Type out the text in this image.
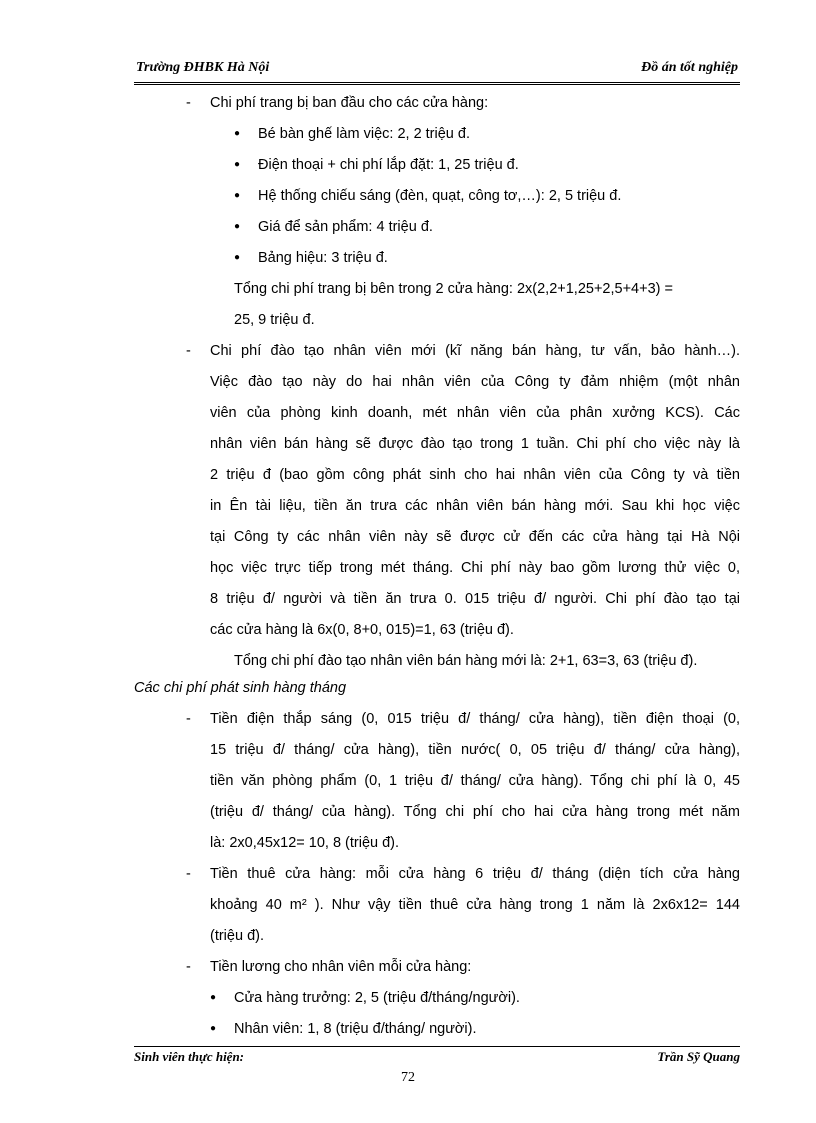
Trường ĐHBK Hà Nội	Đồ án tốt nghiệp
- Chi phí trang bị ban đầu cho các cửa hàng:
● Bé bàn ghế làm việc: 2, 2 triệu đ.
● Điện thoại + chi phí lắp đặt: 1, 25 triệu đ.
● Hệ thống chiếu sáng (đèn, quạt, công tơ,…): 2, 5 triệu đ.
● Giá để sản phẩm: 4 triệu đ.
● Bảng hiệu: 3 triệu đ.
Tổng chi phí trang bị bên trong 2 cửa hàng: 2x(2,2+1,25+2,5+4+3) =
25, 9 triệu đ.
- Chi phí đào tạo nhân viên mới (kĩ năng bán hàng, tư vấn, bảo hành…).
Việc đào tạo này do hai nhân viên của Công ty đảm nhiệm (một nhân
viên của phòng kinh doanh, mét nhân viên của phân xưởng KCS). Các
nhân viên bán hàng sẽ được đào tạo trong 1 tuần. Chi phí cho việc này là
2 triệu đ (bao gồm công phát sinh cho hai nhân viên của Công ty và tiền
in Ên tài liệu, tiền ăn trưa các nhân viên bán hàng mới. Sau khi học việc
tại Công ty các nhân viên này sẽ được cử đến các cửa hàng tại Hà Nội
học việc trực tiếp trong mét tháng. Chi phí này bao gồm lương thử việc 0,
8 triệu đ/ người và tiền ăn trưa 0. 015 triệu đ/ người. Chi phí đào tạo tại
các cửa hàng là 6x(0, 8+0, 015)=1, 63 (triệu đ).
Tổng chi phí đào tạo nhân viên bán hàng mới là: 2+1, 63=3, 63 (triệu đ).
Các chi phí phát sinh hàng tháng
- Tiền điện thắp sáng (0, 015 triệu đ/ tháng/ cửa hàng), tiền điện thoại (0,
15 triệu đ/ tháng/ cửa hàng), tiền nước( 0, 05 triệu đ/ tháng/ cửa hàng),
tiền văn phòng phẩm (0, 1 triệu đ/ tháng/ cửa hàng). Tổng chi phí là 0, 45
(triệu đ/ tháng/ của hàng). Tổng chi phí cho hai cửa hàng trong mét năm
là: 2x0,45x12= 10, 8 (triệu đ).
- Tiền thuê cửa hàng: mỗi cửa hàng 6 triệu đ/ tháng (diện tích cửa hàng
khoảng 40 m² ). Như vậy tiền thuê cửa hàng trong 1 năm là 2x6x12= 144
(triệu đ).
- Tiền lương cho nhân viên mỗi cửa hàng:
● Cửa hàng trưởng: 2, 5 (triệu đ/tháng/người).
● Nhân viên: 1, 8 (triệu đ/tháng/ người).
Sinh viên thực hiện:	Trần Sỹ Quang
72
